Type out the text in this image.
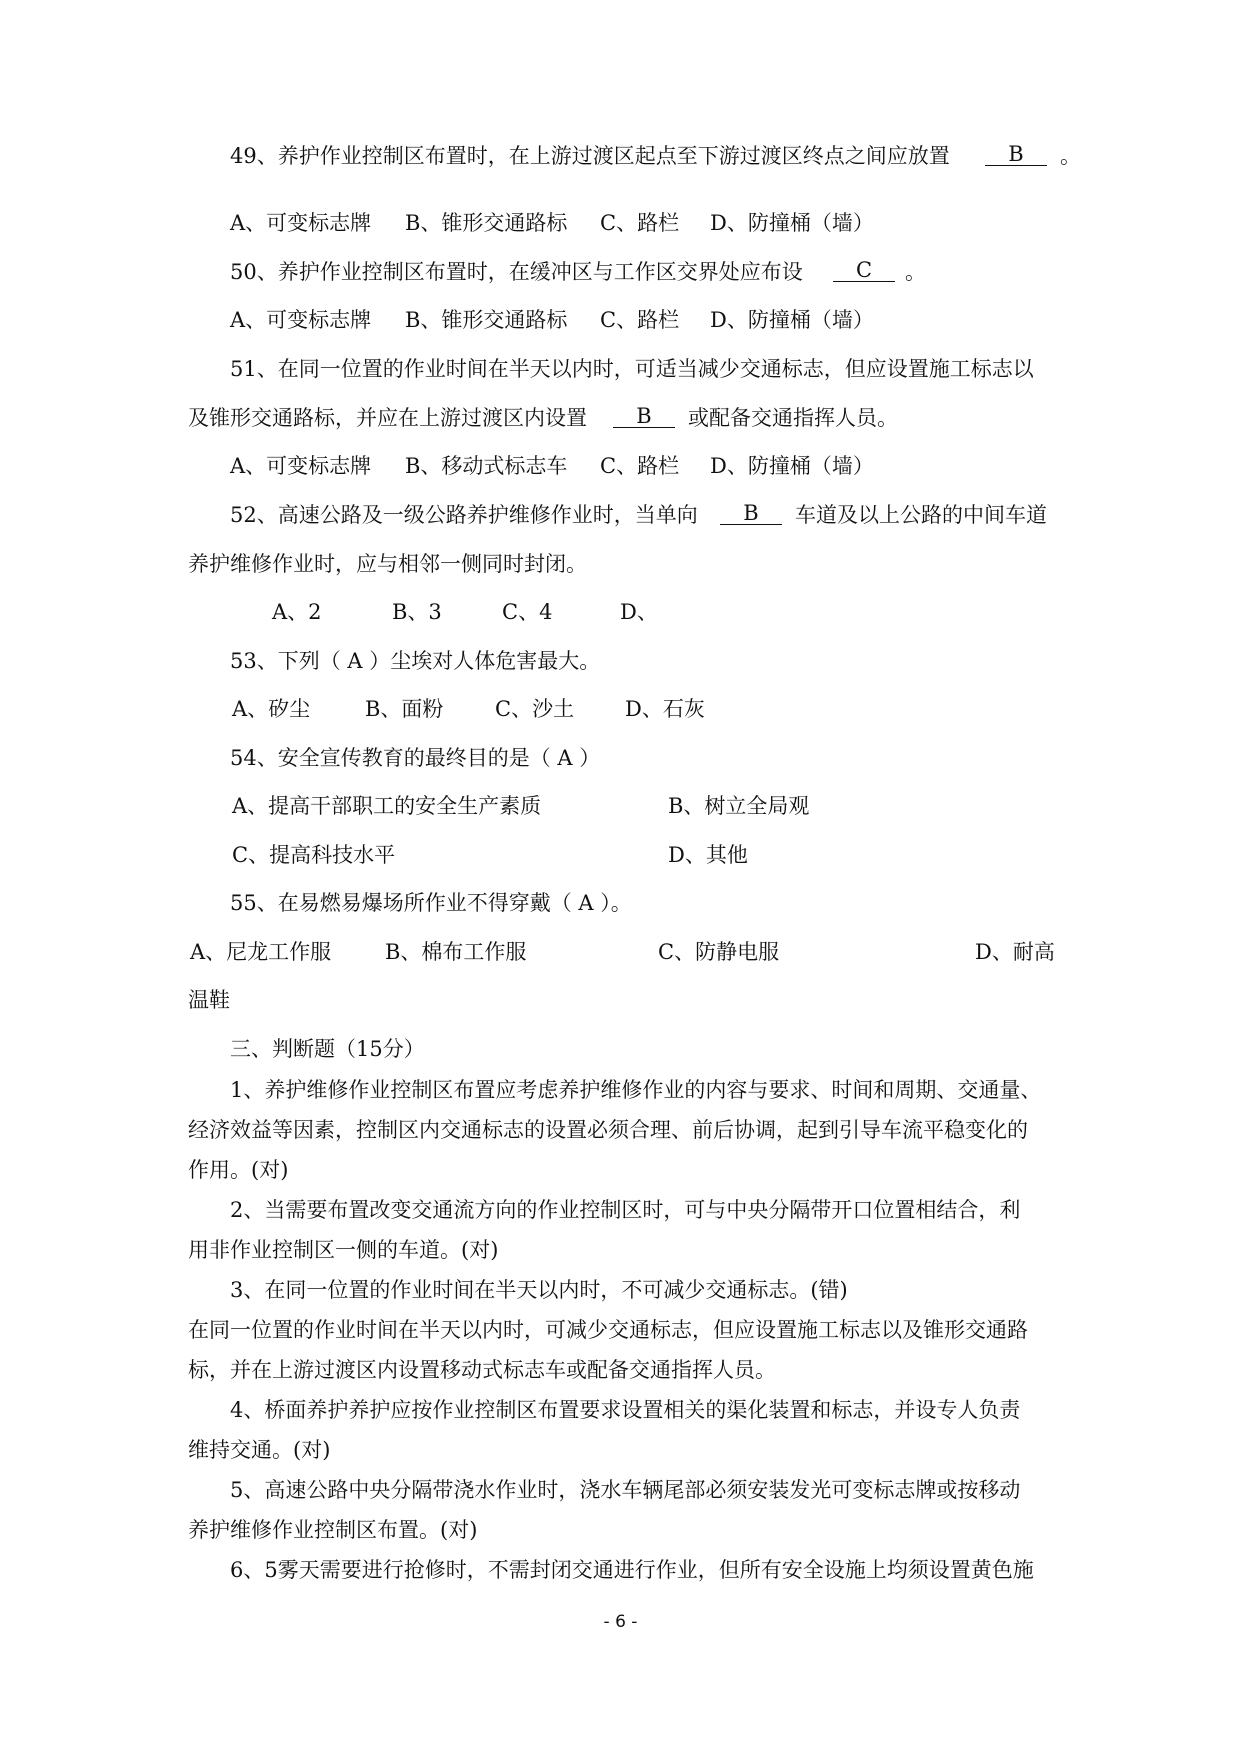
49、养护作业控制区布置时，在上游过渡区起点至下游过渡区终点之间应放置	B	。
A、可变标志牌 B、锥形交通路标 C、路栏 D、防撞桶（墙）
50、养护作业控制区布置时，在缓冲区与工作区交界处应布设	C	。
A、可变标志牌 B、锥形交通路标 C、路栏 D、防撞桶（墙）
51、在同一位置的作业时间在半天以内时，可适当减少交通标志，但应设置施工标志以
及锥形交通路标，并应在上游过渡区内设置	B	或配备交通指挥人员。
A、可变标志牌 B、移动式标志车 C、路栏 D、防撞桶（墙）
52、高速公路及一级公路养护维修作业时，当单向	B	车道及以上公路的中间车道
养护维修作业时，应与相邻一侧同时封闭。
A、2	B、3	C、4	D、
53、下列（ A ）尘埃对人体危害最大。
A、矽尘	B、面粉 C、沙土 D、石灰
54、安全宣传教育的最终目的是（ A ）
A、提高干部职工的安全生产素质	B、树立全局观
C、提高科技水平	D、其他
55、在易燃易爆场所作业不得穿戴（ A ）。
A、尼龙工作服	B、棉布工作服	C、防静电服	D、耐高
温鞋
三、判断题（15分）
1、养护维修作业控制区布置应考虑养护维修作业的内容与要求、时间和周期、交通量、
经济效益等因素，控制区内交通标志的设置必须合理、前后协调，起到引导车流平稳变化的
作用。(对)
2、当需要布置改变交通流方向的作业控制区时，可与中央分隔带开口位置相结合，利
用非作业控制区一侧的车道。(对)
3、在同一位置的作业时间在半天以内时，不可减少交通标志。(错)
在同一位置的作业时间在半天以内时，可减少交通标志，但应设置施工标志以及锥形交通路
标，并在上游过渡区内设置移动式标志车或配备交通指挥人员。
4、桥面养护养护应按作业控制区布置要求设置相关的渠化装置和标志，并设专人负责
维持交通。(对)
5、高速公路中央分隔带浇水作业时，浇水车辆尾部必须安装发光可变标志牌或按移动
养护维修作业控制区布置。(对)
6、5雾天需要进行抢修时，不需封闭交通进行作业，但所有安全设施上均须设置黄色施
- 6 -
